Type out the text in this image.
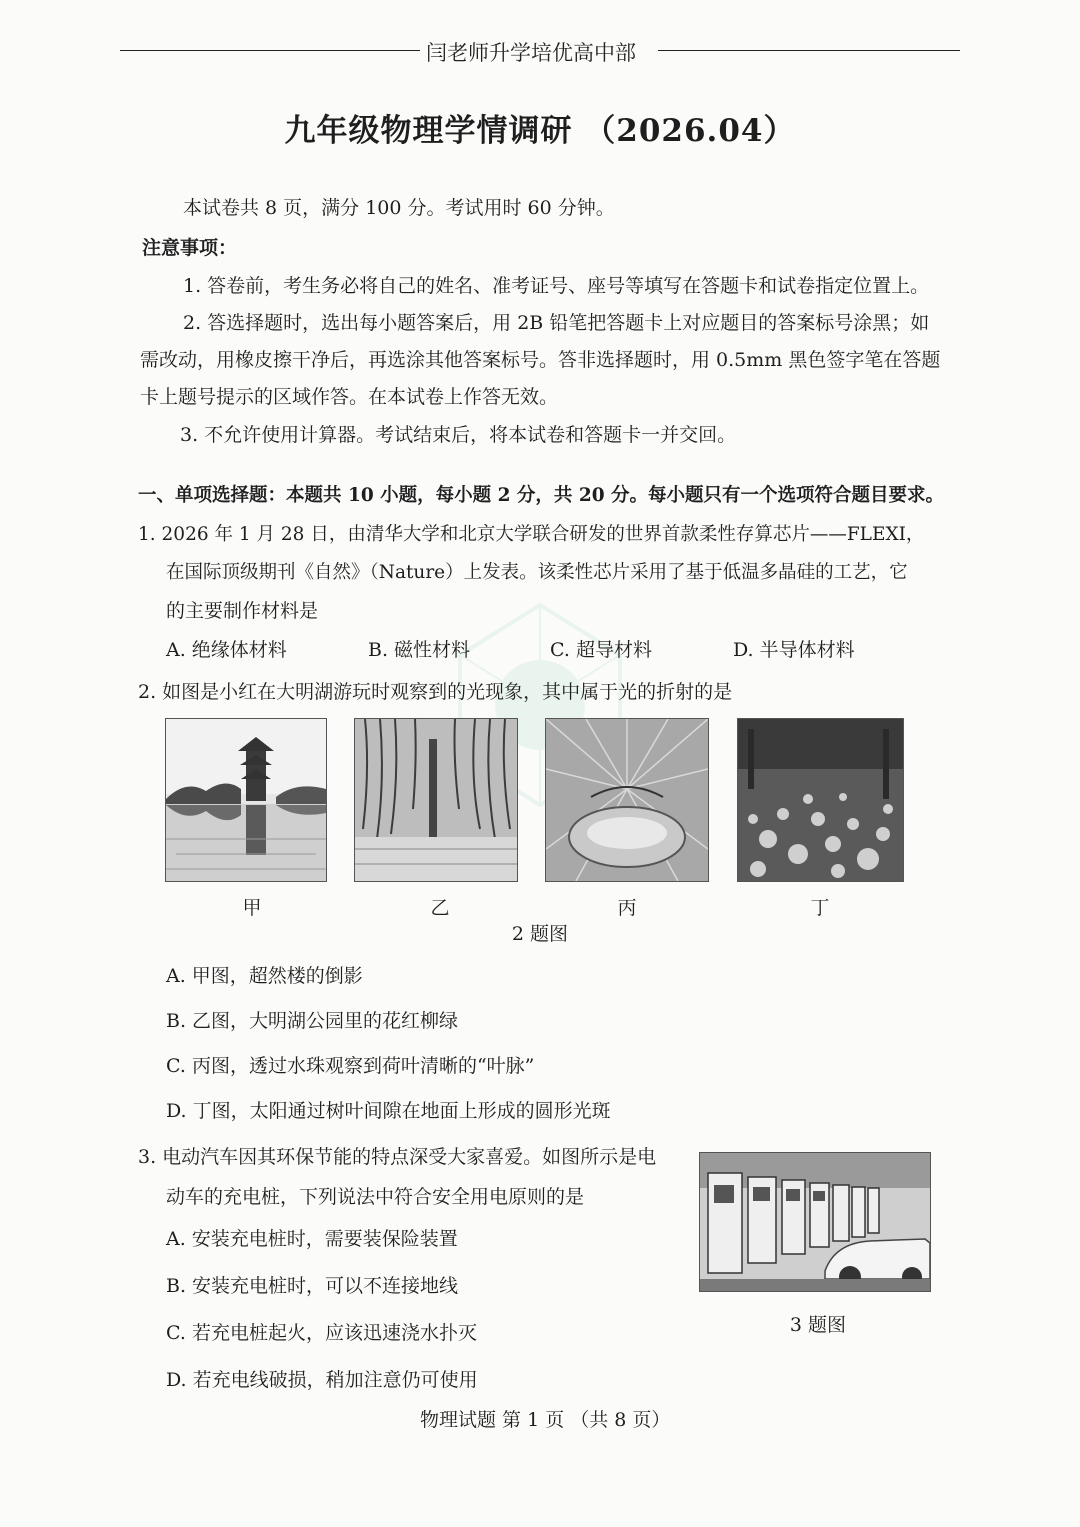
闫老师升学培优高中部
九年级物理学情调研 （2026.04）
本试卷共 8 页，满分 100 分。考试用时 60 分钟。
注意事项：
1. 答卷前，考生务必将自己的姓名、准考证号、座号等填写在答题卡和试卷指定位置上。
2. 答选择题时，选出每小题答案后，用 2B 铅笔把答题卡上对应题目的答案标号涂黑；如
需改动，用橡皮擦干净后，再选涂其他答案标号。答非选择题时，用 0.5mm 黑色签字笔在答题
卡上题号提示的区域作答。在本试卷上作答无效。
3. 不允许使用计算器。考试结束后，将本试卷和答题卡一并交回。
一、单项选择题：本题共 10 小题，每小题 2 分，共 20 分。每小题只有一个选项符合题目要求。
1. 2026 年 1 月 28 日，由清华大学和北京大学联合研发的世界首款柔性存算芯片——FLEXI，
在国际顶级期刊《自然》（Nature）上发表。该柔性芯片采用了基于低温多晶硅的工艺，它
的主要制作材料是
A. 绝缘体材料	B. 磁性材料	C. 超导材料	D. 半导体材料
2. 如图是小红在大明湖游玩时观察到的光现象，其中属于光的折射的是
甲	乙	丙	丁
2 题图
A. 甲图，超然楼的倒影
B. 乙图，大明湖公园里的花红柳绿
C. 丙图，透过水珠观察到荷叶清晰的“叶脉”
D. 丁图，太阳通过树叶间隙在地面上形成的圆形光斑
3. 电动汽车因其环保节能的特点深受大家喜爱。如图所示是电
动车的充电桩，下列说法中符合安全用电原则的是
A. 安装充电桩时，需要装保险装置
B. 安装充电桩时，可以不连接地线
C. 若充电桩起火，应该迅速浇水扑灭
D. 若充电线破损，稍加注意仍可使用
3 题图
物理试题 第 1 页 （共 8 页）
